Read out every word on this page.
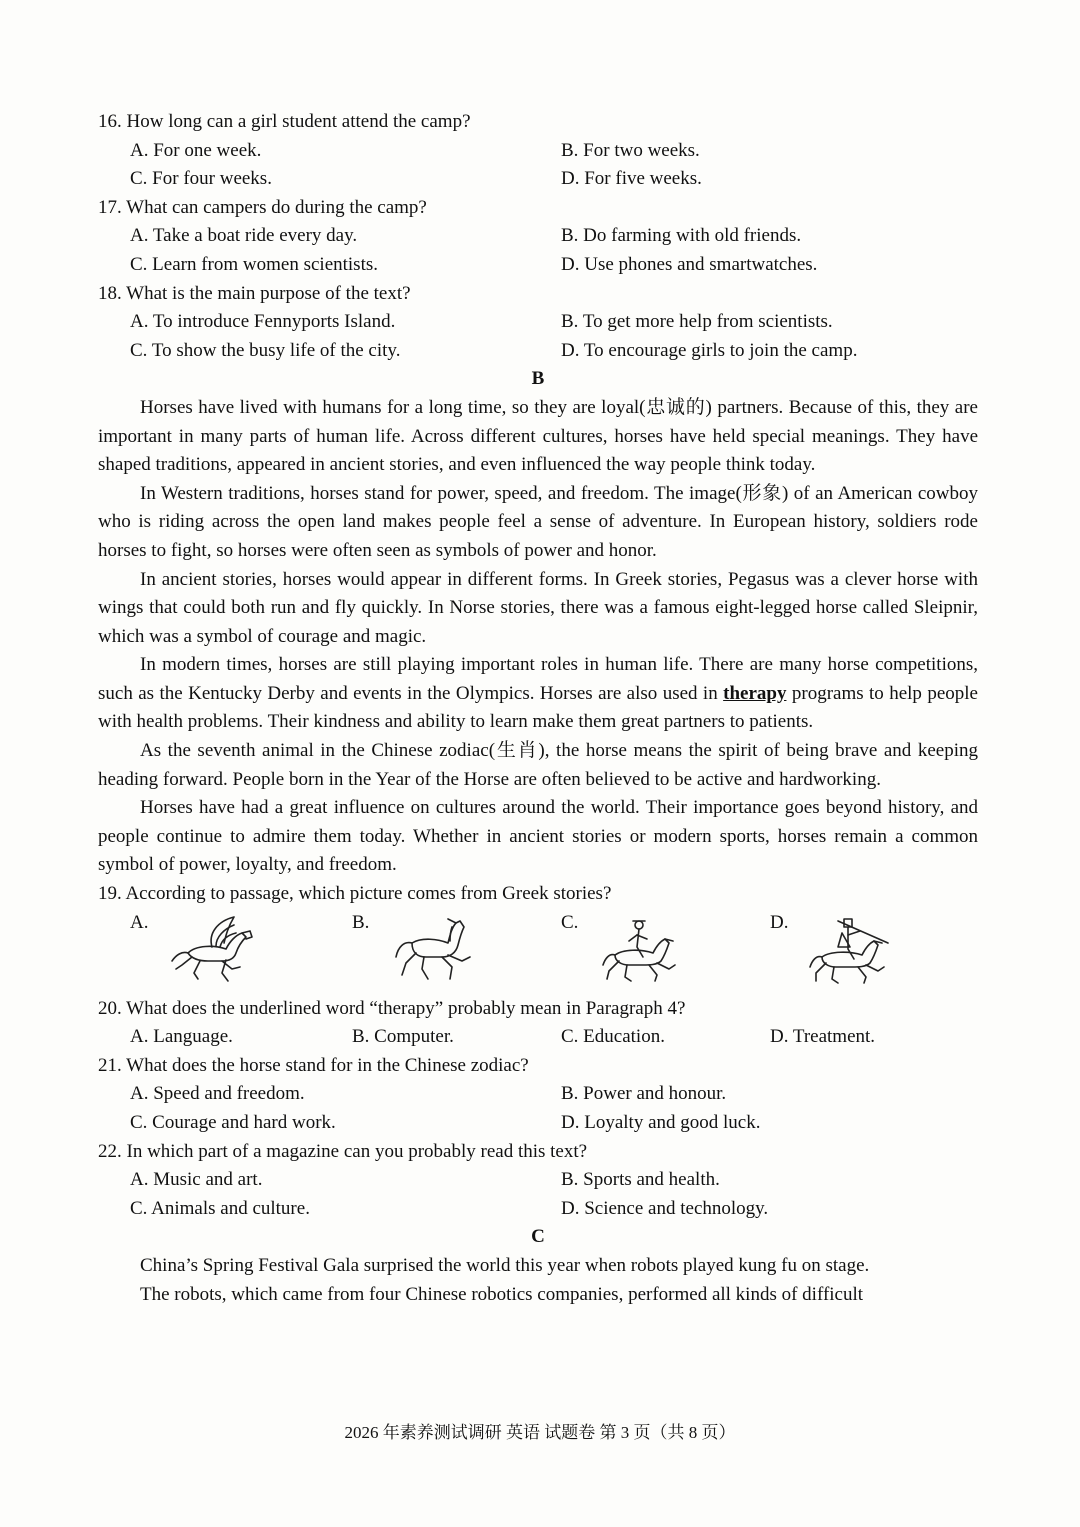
16. How long can a girl student attend the camp?

A. For one week.	B. For two weeks.
C. For four weeks.	D. For five weeks.

17. What can campers do during the camp?

A. Take a boat ride every day.	B. Do farming with old friends.
C. Learn from women scientists.	D. Use phones and smartwatches.

18. What is the main purpose of the text?

A. To introduce Fennyports Island.	B. To get more help from scientists.
C. To show the busy life of the city.	D. To encourage girls to join the camp.

B

Horses have lived with humans for a long time, so they are loyal(忠诚的) partners. Because of this, they are important in many parts of human life. Across different cultures, horses have held special meanings. They have shaped traditions, appeared in ancient stories, and even influenced the way people think today.

In Western traditions, horses stand for power, speed, and freedom. The image(形象) of an American cowboy who is riding across the open land makes people feel a sense of adventure. In European history, soldiers rode horses to fight, so horses were often seen as symbols of power and honor.

In ancient stories, horses would appear in different forms. In Greek stories, Pegasus was a clever horse with wings that could both run and fly quickly. In Norse stories, there was a famous eight-legged horse called Sleipnir, which was a symbol of courage and magic.

In modern times, horses are still playing important roles in human life. There are many horse competitions, such as the Kentucky Derby and events in the Olympics. Horses are also used in therapy programs to help people with health problems. Their kindness and ability to learn make them great partners to patients.

As the seventh animal in the Chinese zodiac(生肖), the horse means the spirit of being brave and keeping heading forward. People born in the Year of the Horse are often believed to be active and hardworking.

Horses have had a great influence on cultures around the world. Their importance goes beyond history, and people continue to admire them today. Whether in ancient stories or modern sports, horses remain a common symbol of power, loyalty, and freedom.

19. According to passage, which picture comes from Greek stories?

A.	B.	C.	D.

20. What does the underlined word “therapy” probably mean in Paragraph 4?

A. Language.	B. Computer.	C. Education.	D. Treatment.

21. What does the horse stand for in the Chinese zodiac?

A. Speed and freedom.	B. Power and honour.
C. Courage and hard work.	D. Loyalty and good luck.

22. In which part of a magazine can you probably read this text?

A. Music and art.	B. Sports and health.
C. Animals and culture.	D. Science and technology.

C

China’s Spring Festival Gala surprised the world this year when robots played kung fu on stage.

The robots, which came from four Chinese robotics companies, performed all kinds of difficult

2026 年素养测试调研 英语 试题卷 第 3 页（共 8 页）
